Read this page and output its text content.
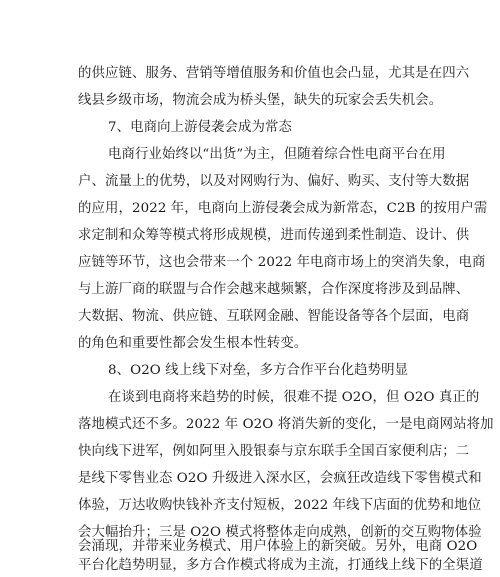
的供应链、服务、营销等增值服务和价值也会凸显，尤其是在四六
线县乡级市场，物流会成为桥头堡，缺失的玩家会丢失机会。
7、电商向上游侵袭会成为常态
电商行业始终以“出货”为主，但随着综合性电商平台在用
户、流量上的优势，以及对网购行为、偏好、购买、支付等大数据
的应用，2022 年，电商向上游侵袭会成为新常态，C2B 的按用户需
求定制和众筹等模式将形成规模，进而传递到柔性制造、设计、供
应链等环节，这也会带来一个 2022 年电商市场上的突消失象，电商
与上游厂商的联盟与合作会越来越频繁，合作深度将涉及到品牌、
大数据、物流、供应链、互联网金融、智能设备等各个层面，电商
的角色和重要性都会发生根本性转变。
8、O2O 线上线下对垒，多方合作平台化趋势明显
在谈到电商将来趋势的时候，很难不提 O2O，但 O2O 真正的
落地模式还不多。2022 年 O2O 将消失新的变化，一是电商网站将加
快向线下进军，例如阿里入股银泰与京东联手全国百家便利店；二
是线下零售业态 O2O 升级进入深水区，会疯狂改造线下零售模式和
体验，万达收购快钱补齐支付短板，2022 年线下店面的优势和地位
会大幅抬升；三是 O2O 模式将整体走向成熟，创新的交互购物体验
会涌现，并带来业务模式、用户体验上的新突破。另外，电商 O2O
平台化趋势明显，多方合作模式将成为主流，打通线上线下的全渠道
